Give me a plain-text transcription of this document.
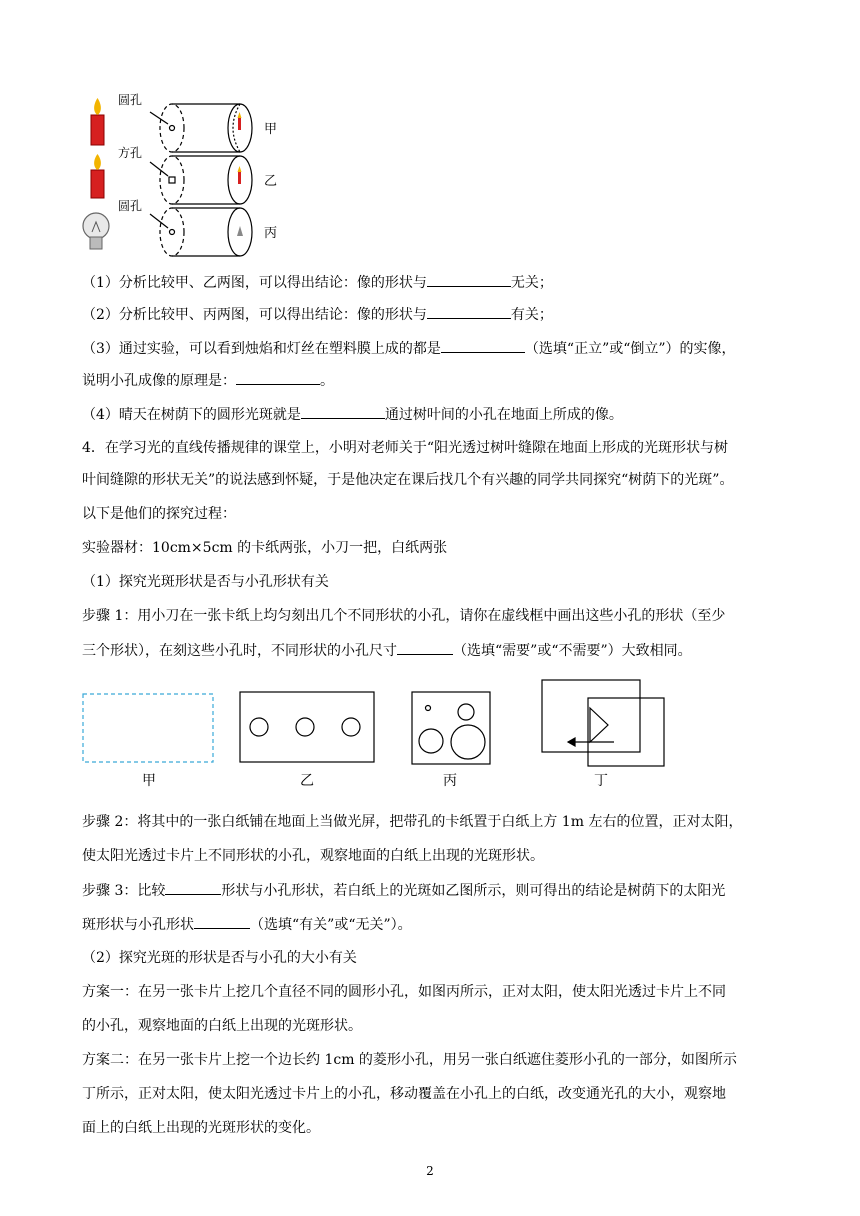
圆孔
方孔
圆孔
甲
乙
丙
（1）分析比较甲、乙两图，可以得出结论：像的形状与	无关；
（2）分析比较甲、丙两图，可以得出结论：像的形状与	有关；
（3）通过实验，可以看到烛焰和灯丝在塑料膜上成的都是	（选填“正立”或“倒立”）的实像，
说明小孔成像的原理是：	。
（4）晴天在树荫下的圆形光斑就是	通过树叶间的小孔在地面上所成的像。
4．在学习光的直线传播规律的课堂上，小明对老师关于“阳光透过树叶缝隙在地面上形成的光斑形状与树
叶间缝隙的形状无关”的说法感到怀疑，于是他决定在课后找几个有兴趣的同学共同探究“树荫下的光斑”。
以下是他们的探究过程：
实验器材：10cm×5cm 的卡纸两张，小刀一把，白纸两张
（1）探究光斑形状是否与小孔形状有关
步骤 1：用小刀在一张卡纸上均匀刻出几个不同形状的小孔，请你在虚线框中画出这些小孔的形状（至少
三个形状），在刻这些小孔时，不同形状的小孔尺寸	（选填“需要”或“不需要”）大致相同。
甲	乙	丙	丁
步骤 2：将其中的一张白纸铺在地面上当做光屏，把带孔的卡纸置于白纸上方 1m 左右的位置，正对太阳，
使太阳光透过卡片上不同形状的小孔，观察地面的白纸上出现的光斑形状。
步骤 3：比较	形状与小孔形状，若白纸上的光斑如乙图所示，则可得出的结论是树荫下的太阳光
斑形状与小孔形状	（选填“有关”或“无关”）。
（2）探究光斑的形状是否与小孔的大小有关
方案一：在另一张卡片上挖几个直径不同的圆形小孔，如图丙所示，正对太阳，使太阳光透过卡片上不同
的小孔，观察地面的白纸上出现的光斑形状。
方案二：在另一张卡片上挖一个边长约 1cm 的菱形小孔，用另一张白纸遮住菱形小孔的一部分，如图所示
丁所示，正对太阳，使太阳光透过卡片上的小孔，移动覆盖在小孔上的白纸，改变通光孔的大小，观察地
面上的白纸上出现的光斑形状的变化。
2
